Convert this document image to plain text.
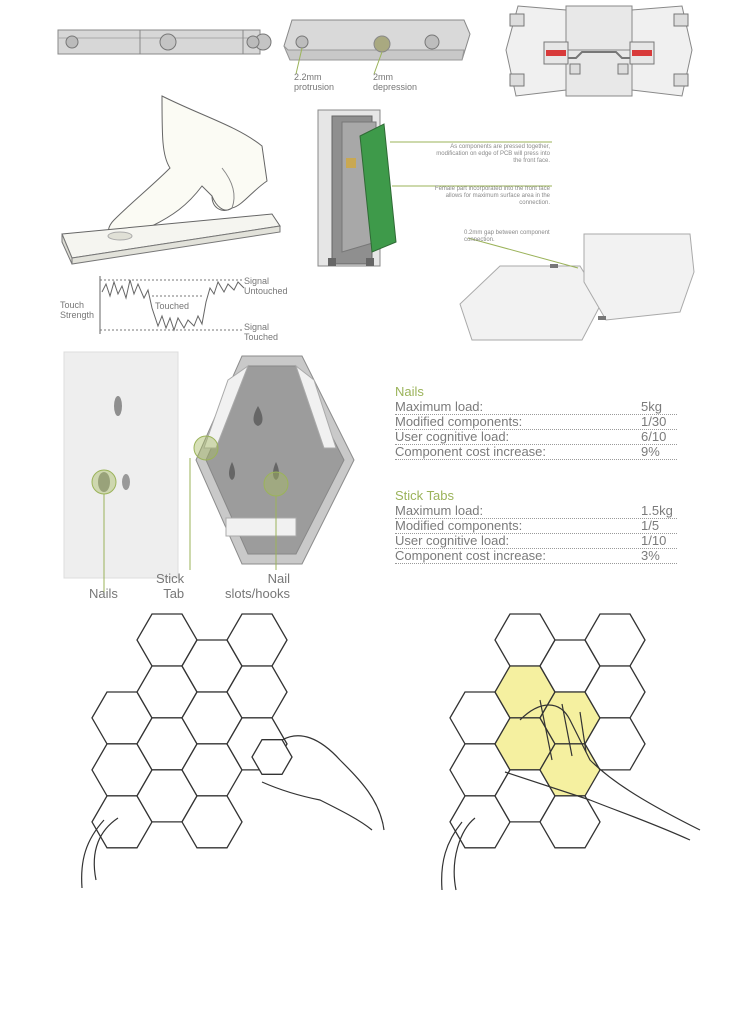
2.2mm
protrusion
2mm
depression
Touch
Strength
Touched
Signal
Untouched
Signal
Touched
As components are pressed together, modification on edge of PCB will press into the front face.
Female part incorporated into the front face allows for maximum surface area in the connection.
0.2mm gap between component connection.
Nails
Stick
Tab
Nail
slots/hooks
Nails
Maximum load:	5kg
Modified components:	1/30
User cognitive load:	6/10
Component cost increase:	9%
Stick Tabs
Maximum load:	1.5kg
Modified components:	1/5
User cognitive load:	1/10
Component cost increase:	3%
